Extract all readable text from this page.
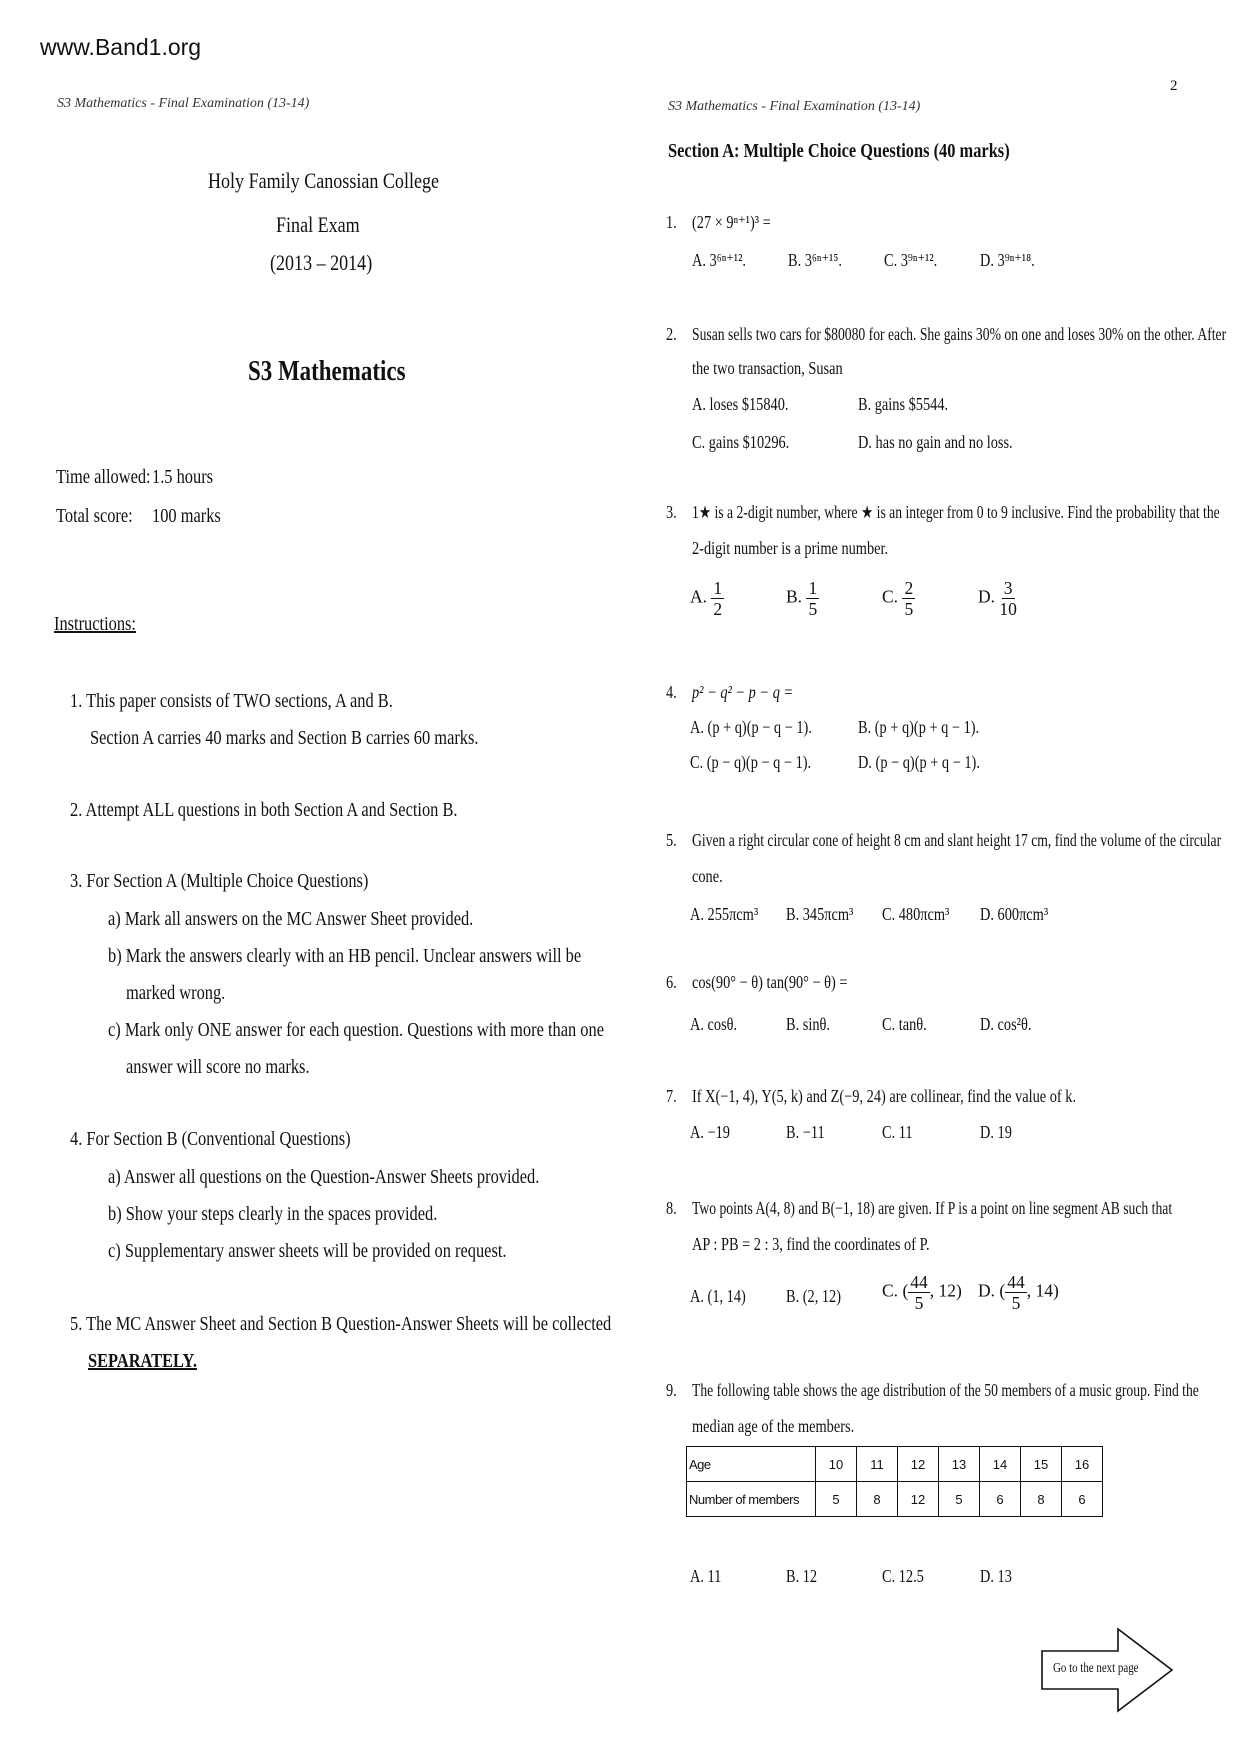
www.Band1.org
S3 Mathematics - Final Examination (13-14)
Holy Family Canossian College
Final Exam
(2013 – 2014)
S3 Mathematics
Time allowed: 1.5 hours
Total score: 100 marks
Instructions:
1. This paper consists of TWO sections, A and B.
Section A carries 40 marks and Section B carries 60 marks.
2. Attempt ALL questions in both Section A and Section B.
3. For Section A (Multiple Choice Questions)
a) Mark all answers on the MC Answer Sheet provided.
b) Mark the answers clearly with an HB pencil. Unclear answers will be
marked wrong.
c) Mark only ONE answer for each question. Questions with more than one
answer will score no marks.
4. For Section B (Conventional Questions)
a) Answer all questions on the Question-Answer Sheets provided.
b) Show your steps clearly in the spaces provided.
c) Supplementary answer sheets will be provided on request.
5. The MC Answer Sheet and Section B Question-Answer Sheets will be collected
SEPARATELY.
2
S3 Mathematics - Final Examination (13-14)
Section A: Multiple Choice Questions (40 marks)
1. (27 × 9ⁿ⁺¹)³ =
A. 3⁶ⁿ⁺¹². B. 3⁶ⁿ⁺¹⁵. C. 3⁹ⁿ⁺¹². D. 3⁹ⁿ⁺¹⁸.
2. Susan sells two cars for $80080 for each. She gains 30% on one and loses 30% on the other. After
the two transaction, Susan
A. loses $15840.	B. gains $5544.
C. gains $10296.	D. has no gain and no loss.
3. 1★ is a 2-digit number, where ★ is an integer from 0 to 9 inclusive. Find the probability that the
2-digit number is a prime number.
A. $\frac{1}{2}$	B. $\frac{1}{5}$	C. $\frac{2}{5}$	D. $\frac{3}{10}$
4. p² − q² − p − q =
A. (p + q)(p − q − 1).	B. (p + q)(p + q − 1).
C. (p − q)(p − q − 1).	D. (p − q)(p + q − 1).
5. Given a right circular cone of height 8 cm and slant height 17 cm, find the volume of the circular
cone.
A. 255πcm³ B. 345πcm³ C. 480πcm³ D. 600πcm³
6. cos(90° − θ) tan(90° − θ) =
A. cosθ.	B. sinθ.	C. tanθ.	D. cos²θ.
7. If X(−1, 4), Y(5, k) and Z(−9, 24) are collinear, find the value of k.
A. −19	B. −11	C. 11	D. 19
8. Two points A(4, 8) and B(−1, 18) are given. If P is a point on line segment AB such that
AP : PB = 2 : 3, find the coordinates of P.
A. (1, 14) B. (2, 12) C. ( $\frac{44}{5}$ , 12) D. ( $\frac{44}{5}$ , 14)
9. The following table shows the age distribution of the 50 members of a music group. Find the
median age of the members.
Age	10	11	12	13	14	15	16
Number of members	5	8	12	5	6	8	6
A. 11	B. 12	C. 12.5	D. 13
Go to the next page
